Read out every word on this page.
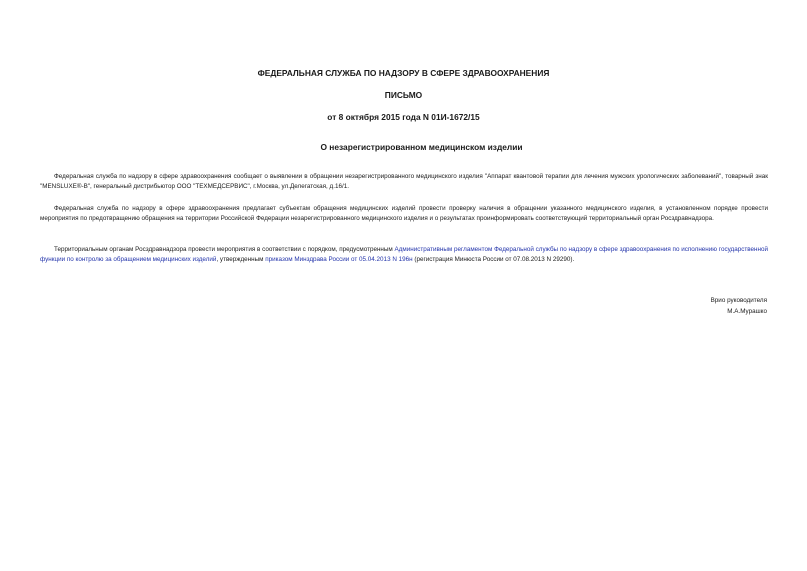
ФЕДЕРАЛЬНАЯ СЛУЖБА ПО НАДЗОРУ В СФЕРЕ ЗДРАВООХРАНЕНИЯ
ПИСЬМО
от 8 октября 2015 года N 01И-1672/15
О незарегистрированном медицинском изделии

Федеральная служба по надзору в сфере здравоохранения сообщает о выявлении в обращении незарегистрированного медицинского изделия "Аппарат квантовой терапии для лечения мужских урологических заболеваний", товарный знак "MENSLUXE®-B", генеральный дистрибьютор ООО "ТЕХМЕДСЕРВИС", г.Москва, ул.Делегатская, д.16/1.

Федеральная служба по надзору в сфере здравоохранения предлагает субъектам обращения медицинских изделий провести проверку наличия в обращении указанного медицинского изделия, в установленном порядке провести мероприятия по предотвращению обращения на территории Российской Федерации незарегистрированного медицинского изделия и о результатах проинформировать соответствующий территориальный орган Росздравнадзора.

Территориальным органам Росздравнадзора провести мероприятия в соответствии с порядком, предусмотренным Административным регламентом Федеральной службы по надзору в сфере здравоохранения по исполнению государственной функции по контролю за обращением медицинских изделий, утвержденным приказом Минздрава России от 05.04.2013 N 196н (регистрация Минюста России от 07.08.2013 N 29290).

Врио руководителя
М.А.Мурашко
